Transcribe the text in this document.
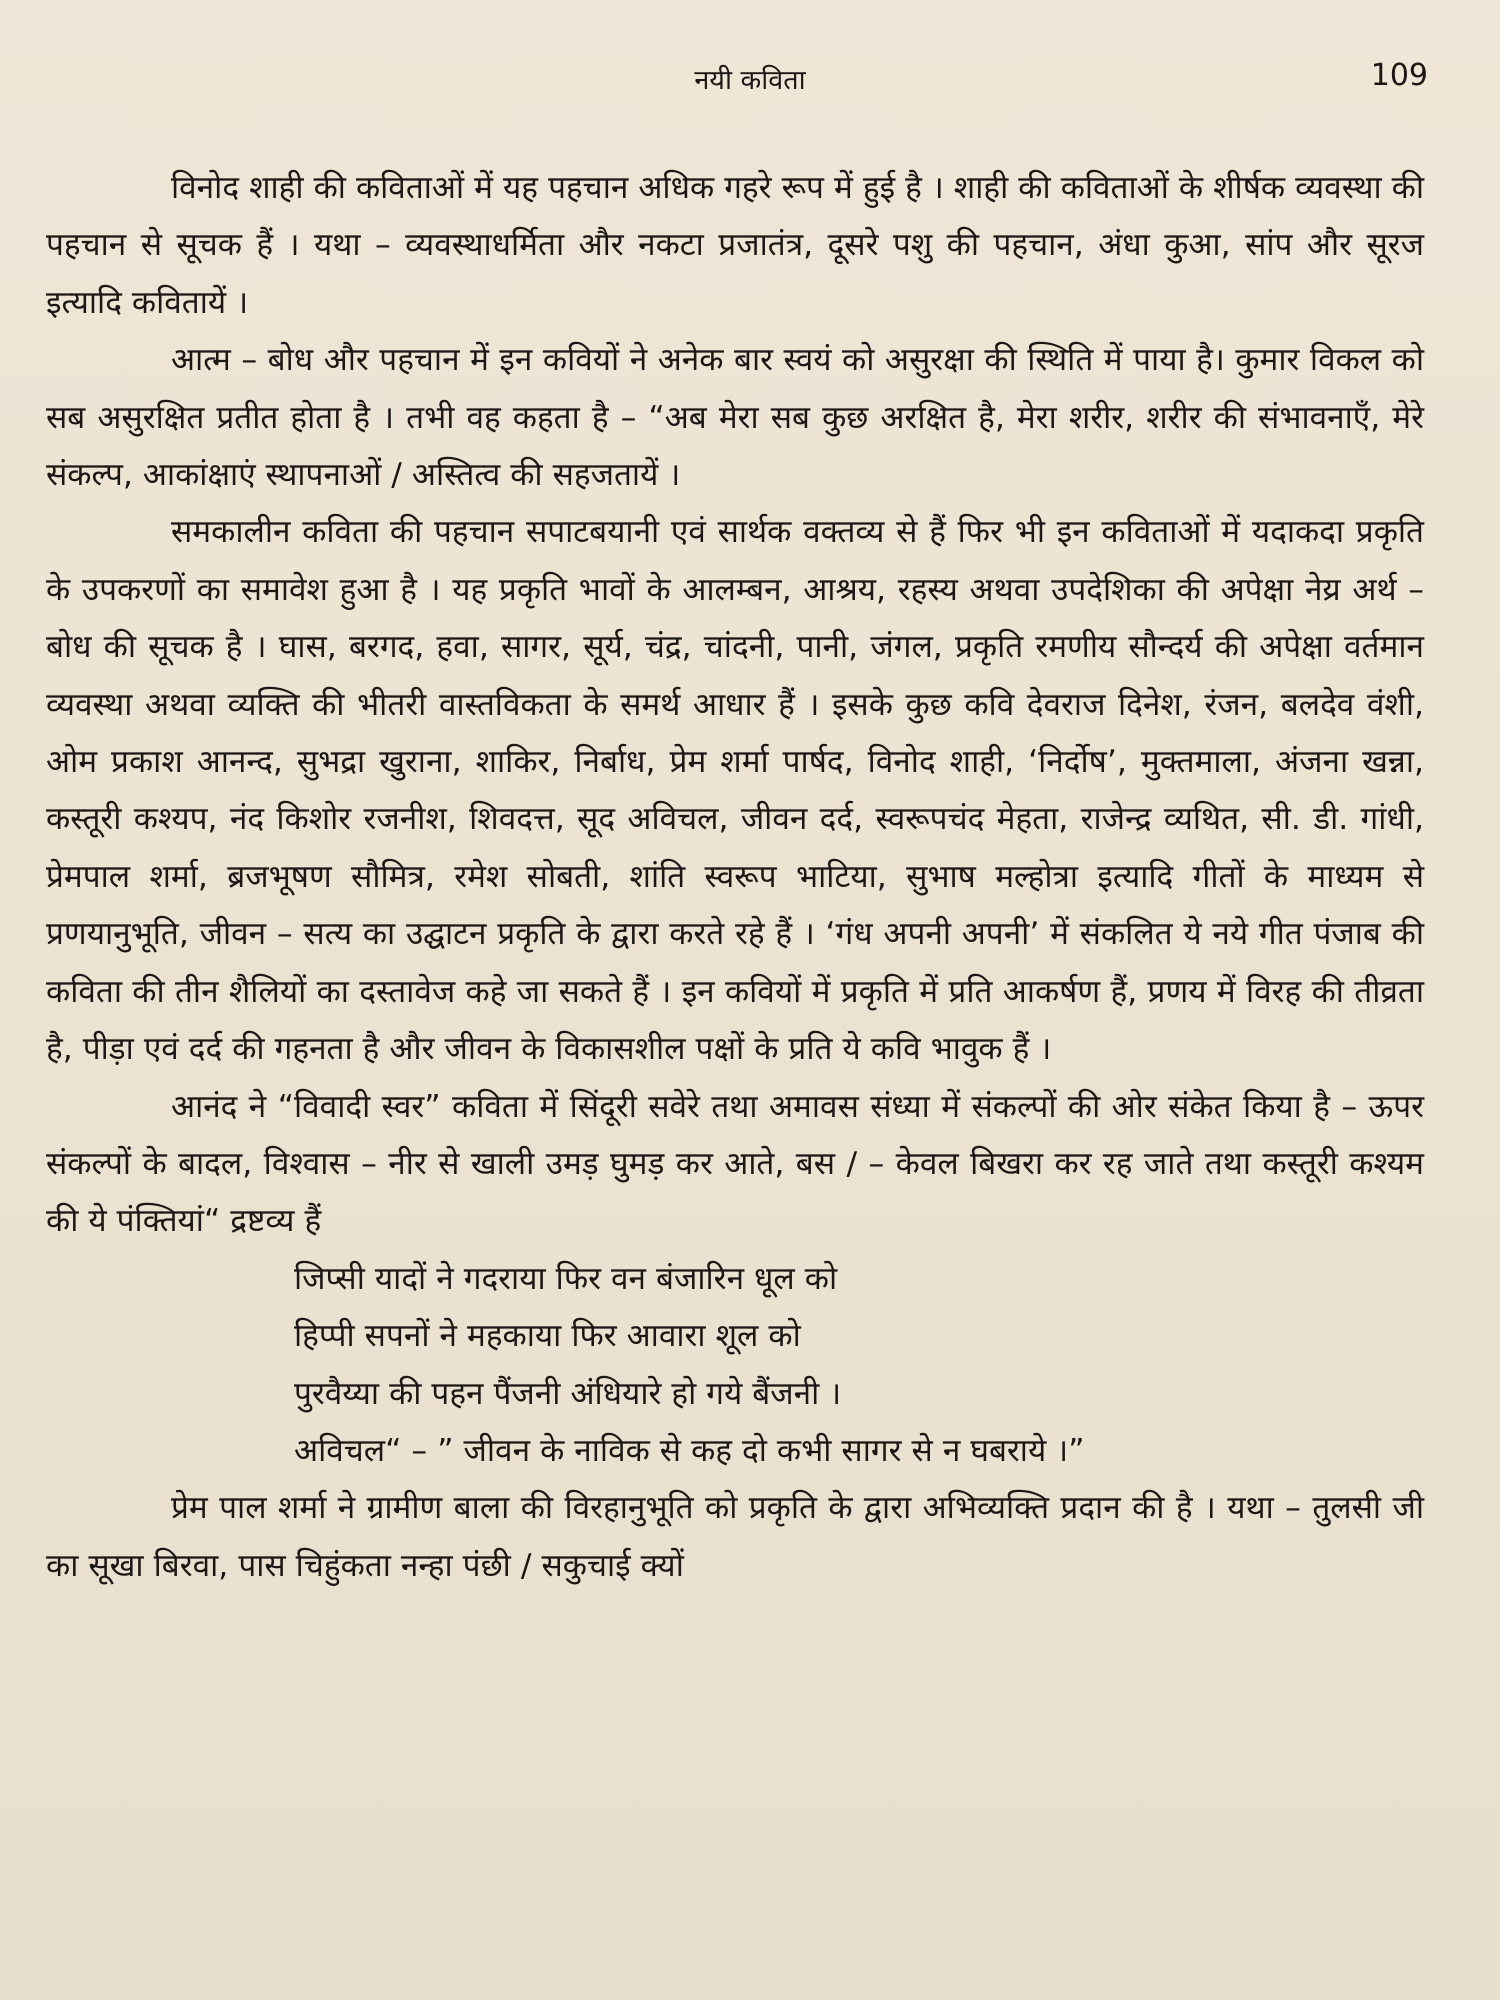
नयी कविता	109

विनोद शाही की कविताओं में यह पहचान अधिक गहरे रूप में हुई है । शाही की कविताओं के शीर्षक व्यवस्था की पहचान से सूचक हैं । यथा – व्यवस्थाधर्मिता और नकटा प्रजातंत्र, दूसरे पशु की पहचान, अंधा कुआ, सांप और सूरज इत्यादि कवितायें ।

आत्म – बोध और पहचान में इन कवियों ने अनेक बार स्वयं को असुरक्षा की स्थिति में पाया है। कुमार विकल को सब असुरक्षित प्रतीत होता है । तभी वह कहता है – “अब मेरा सब कुछ अरक्षित है, मेरा शरीर, शरीर की संभावनाएँ, मेरे संकल्प, आकांक्षाएं स्थापनाओं / अस्तित्व की सहजतायें ।

समकालीन कविता की पहचान सपाटबयानी एवं सार्थक वक्तव्य से हैं फिर भी इन कविताओं में यदाकदा प्रकृति के उपकरणों का समावेश हुआ है । यह प्रकृति भावों के आलम्बन, आश्रय, रहस्य अथवा उपदेशिका की अपेक्षा नेय्र अर्थ – बोध की सूचक है । घास, बरगद, हवा, सागर, सूर्य, चंद्र, चांदनी, पानी, जंगल, प्रकृति रमणीय सौन्दर्य की अपेक्षा वर्तमान व्यवस्था अथवा व्यक्ति की भीतरी वास्तविकता के समर्थ आधार हैं । इसके कुछ कवि देवराज दिनेश, रंजन, बलदेव वंशी, ओम प्रकाश आनन्द, सुभद्रा खुराना, शाकिर, निर्बाध, प्रेम शर्मा पार्षद, विनोद शाही, ‘निर्दोष’, मुक्तमाला, अंजना खन्ना, कस्तूरी कश्यप, नंद किशोर रजनीश, शिवदत्त, सूद अविचल, जीवन दर्द, स्वरूपचंद मेहता, राजेन्द्र व्यथित, सी. डी. गांधी, प्रेमपाल शर्मा, ब्रजभूषण सौमित्र, रमेश सोबती, शांति स्वरूप भाटिया, सुभाष मल्होत्रा इत्यादि गीतों के माध्यम से प्रणयानुभूति, जीवन – सत्य का उद्घाटन प्रकृति के द्वारा करते रहे हैं । ‘गंध अपनी अपनी’ में संकलित ये नये गीत पंजाब की कविता की तीन शैलियों का दस्तावेज कहे जा सकते हैं । इन कवियों में प्रकृति में प्रति आकर्षण हैं, प्रणय में विरह की तीव्रता है, पीड़ा एवं दर्द की गहनता है और जीवन के विकासशील पक्षों के प्रति ये कवि भावुक हैं ।

आनंद ने “विवादी स्वर” कविता में सिंदूरी सवेरे तथा अमावस संध्या में संकल्पों की ओर संकेत किया है – ऊपर संकल्पों के बादल, विश्वास – नीर से खाली उमड़ घुमड़ कर आते, बस / – केवल बिखरा कर रह जाते तथा कस्तूरी कश्यम की ये पंक्तियां“ द्रष्टव्य हैं

जिप्सी यादों ने गदराया फिर वन बंजारिन धूल को
हिप्पी सपनों ने महकाया फिर आवारा शूल को
पुरवैय्या की पहन पैंजनी अंधियारे हो गये बैंजनी ।
अविचल“ – ” जीवन के नाविक से कह दो कभी सागर से न घबराये ।”

प्रेम पाल शर्मा ने ग्रामीण बाला की विरहानुभूति को प्रकृति के द्वारा अभिव्यक्ति प्रदान की है । यथा – तुलसी जी का सूखा बिरवा, पास चिहुंकता नन्हा पंछी / सकुचाई क्यों
